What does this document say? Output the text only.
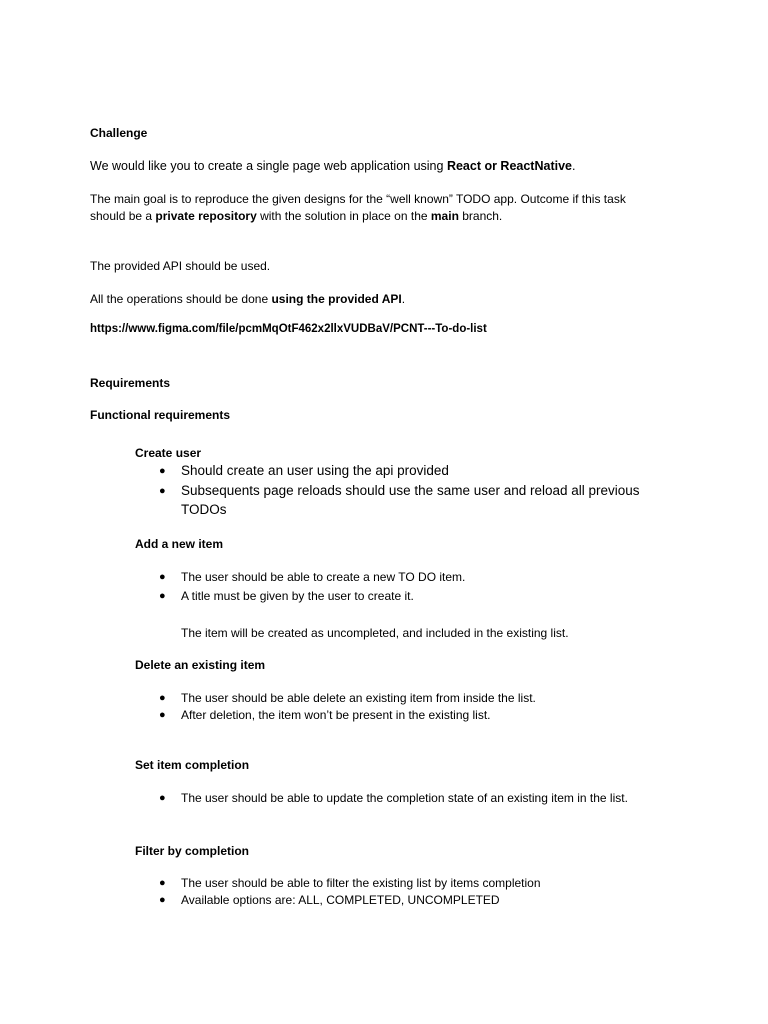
Challenge
We would like you to create a single page web application using React or ReactNative.
The main goal is to reproduce the given designs for the “well known” TODO app. Outcome if this task
should be a private repository with the solution in place on the main branch.
The provided API should be used.
All the operations should be done using the provided API.
https://www.figma.com/file/pcmMqOtF462x2llxVUDBaV/PCNT---To-do-list
Requirements
Functional requirements
Create user
● Should create an user using the api provided
● Subsequents page reloads should use the same user and reload all previous
TODOs
Add a new item
● The user should be able to create a new TO DO item.
● A title must be given by the user to create it.
The item will be created as uncompleted, and included in the existing list.
Delete an existing item
● The user should be able delete an existing item from inside the list.
● After deletion, the item won’t be present in the existing list.
Set item completion
● The user should be able to update the completion state of an existing item in the list.
Filter by completion
● The user should be able to filter the existing list by items completion
● Available options are: ALL, COMPLETED, UNCOMPLETED
